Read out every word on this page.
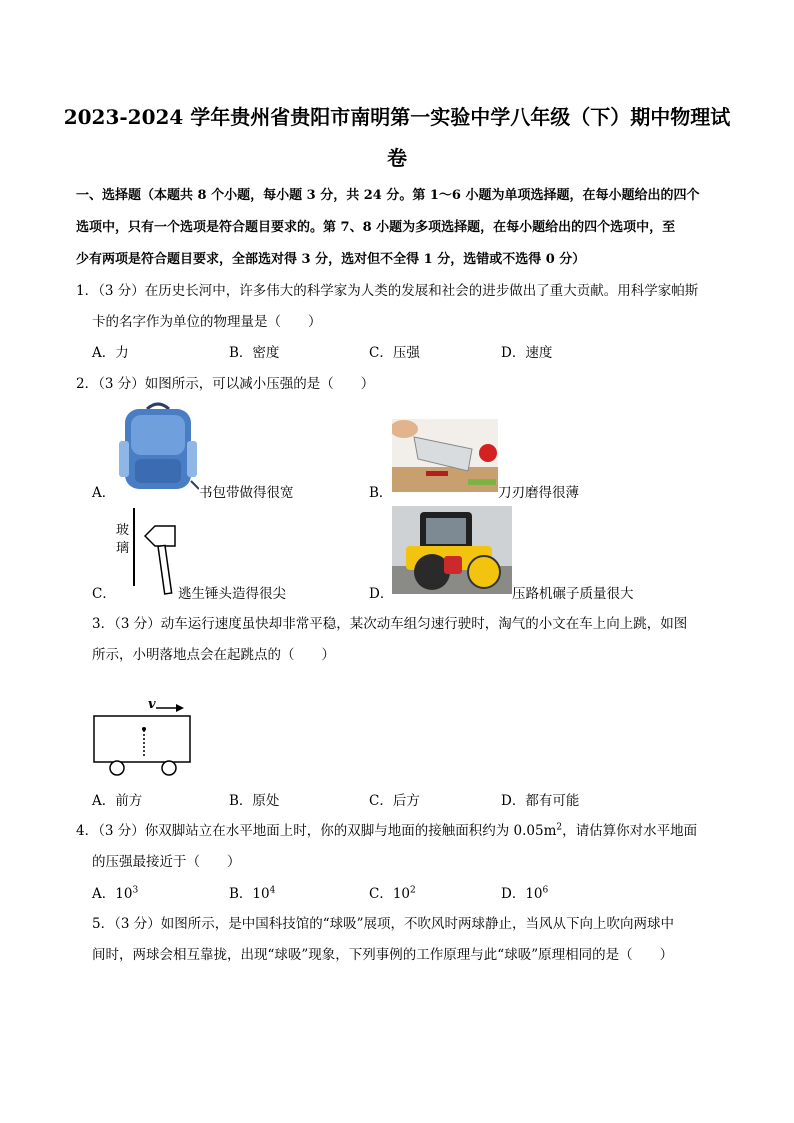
2023-2024 学年贵州省贵阳市南明第一实验中学八年级（下）期中物理试
卷
一、选择题（本题共 8 个小题，每小题 3 分，共 24 分。第 1～6 小题为单项选择题，在每小题给出的四个
选项中，只有一个选项是符合题目要求的。第 7、8 小题为多项选择题，在每小题给出的四个选项中，至
少有两项是符合题目要求，全部选对得 3 分，选对但不全得 1 分，选错或不选得 0 分）
1．（3 分）在历史长河中，许多伟大的科学家为人类的发展和社会的进步做出了重大贡献。用科学家帕斯
卡的名字作为单位的物理量是（　　）
A．力	B．密度	C．压强	D．速度
2．（3 分）如图所示，可以减小压强的是（　　）
A．	书包带做得很宽	B．	刀刃磨得很薄
玻璃
C．	逃生锤头造得很尖	D．	压路机碾子质量很大
3．（3 分）动车运行速度虽快却非常平稳，某次动车组匀速行驶时，淘气的小文在车上向上跳，如图
所示，小明落地点会在起跳点的（　　）
v
A．前方	B．原处	C．后方	D．都有可能
4．（3 分）你双脚站立在水平地面上时，你的双脚与地面的接触面积约为 $0.05m^2$，请估算你对水平地面
的压强最接近于（　　）
A．$10^3$	B．$10^4$	C．$10^2$	D．$10^6$
5．（3 分）如图所示，是中国科技馆的“球吸”展项，不吹风时两球静止，当风从下向上吹向两球中
间时，两球会相互靠拢，出现“球吸”现象，下列事例的工作原理与此“球吸”原理相同的是（　　）
